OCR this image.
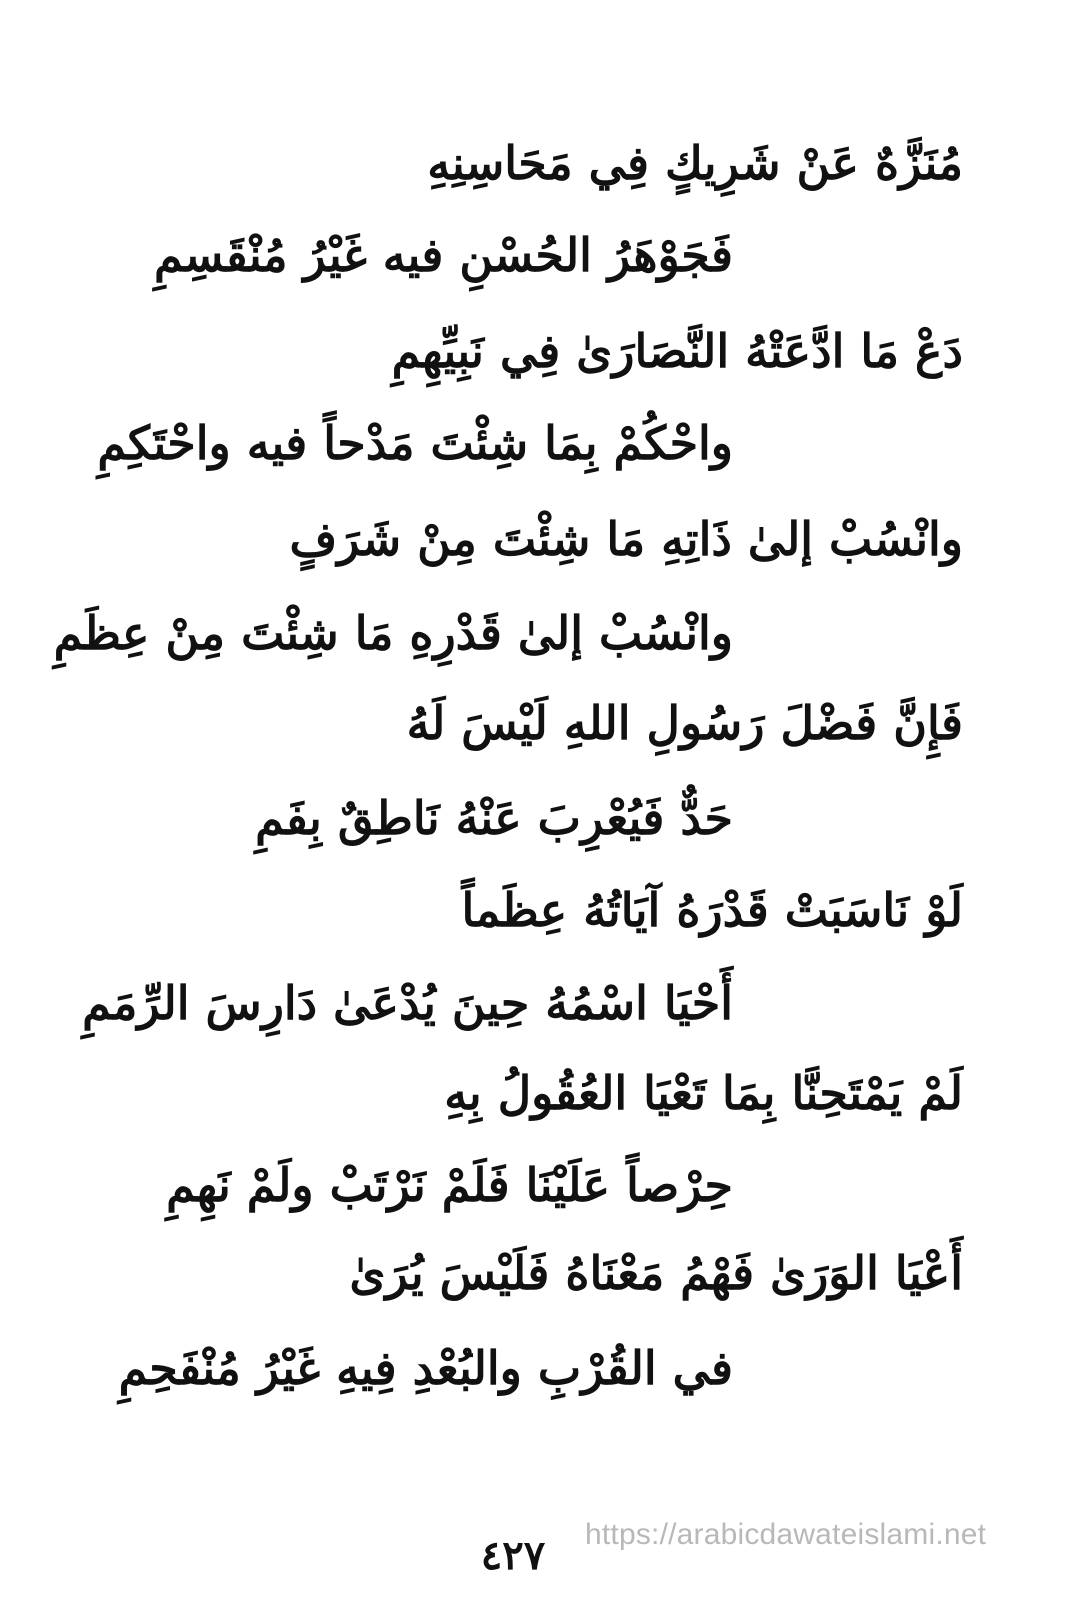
مُنَزَّهٌ عَنْ شَرِيكٍ فِي مَحَاسِنِهِ
فَجَوْهَرُ الحُسْنِ فيه غَيْرُ مُنْقَسِمِ
دَعْ مَا ادَّعَتْهُ النَّصَارَىٰ فِي نَبِيِّهِمِ
واحْكُمْ بِمَا شِئْتَ مَدْحاً فيه واحْتَكِمِ
وانْسُبْ إلىٰ ذَاتِهِ مَا شِئْتَ مِنْ شَرَفٍ
وانْسُبْ إلىٰ قَدْرِهِ مَا شِئْتَ مِنْ عِظَمِ
فَإِنَّ فَضْلَ رَسُولِ اللهِ لَيْسَ لَهُ
حَدٌّ فَيُعْرِبَ عَنْهُ نَاطِقٌ بِفَمِ
لَوْ نَاسَبَتْ قَدْرَهُ آيَاتُهُ عِظَماً
أَحْيَا اسْمُهُ حِينَ يُدْعَىٰ دَارِسَ الرِّمَمِ
لَمْ يَمْتَحِنَّا بِمَا تَعْيَا العُقُولُ بِهِ
حِرْصاً عَلَيْنَا فَلَمْ نَرْتَبْ ولَمْ نَهِمِ
أَعْيَا الوَرَىٰ فَهْمُ مَعْنَاهُ فَلَيْسَ يُرَىٰ
في القُرْبِ والبُعْدِ فِيهِ غَيْرُ مُنْفَحِمِ
https://arabicdawateislami.net
٤٢٧
